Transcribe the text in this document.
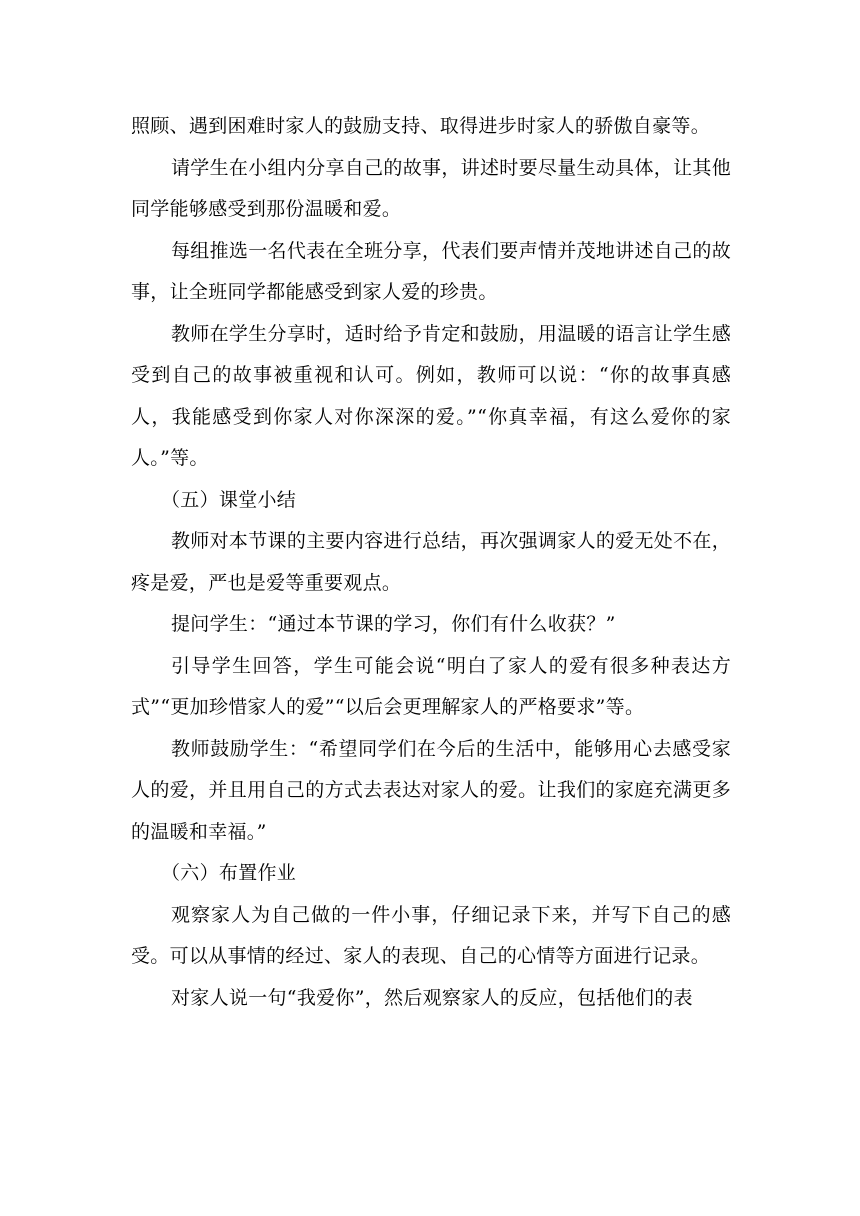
照顾、遇到困难时家人的鼓励支持、取得进步时家人的骄傲自豪等。

请学生在小组内分享自己的故事，讲述时要尽量生动具体，让其他同学能够感受到那份温暖和爱。

每组推选一名代表在全班分享，代表们要声情并茂地讲述自己的故事，让全班同学都能感受到家人爱的珍贵。

教师在学生分享时，适时给予肯定和鼓励，用温暖的语言让学生感受到自己的故事被重视和认可。例如，教师可以说：“你的故事真感人，我能感受到你家人对你深深的爱。”“你真幸福，有这么爱你的家人。”等。

（五）课堂小结

教师对本节课的主要内容进行总结，再次强调家人的爱无处不在，疼是爱，严也是爱等重要观点。

提问学生：“通过本节课的学习，你们有什么收获？”

引导学生回答，学生可能会说“明白了家人的爱有很多种表达方式”“更加珍惜家人的爱”“以后会更理解家人的严格要求”等。

教师鼓励学生：“希望同学们在今后的生活中，能够用心去感受家人的爱，并且用自己的方式去表达对家人的爱。让我们的家庭充满更多的温暖和幸福。”

（六）布置作业

观察家人为自己做的一件小事，仔细记录下来，并写下自己的感受。可以从事情的经过、家人的表现、自己的心情等方面进行记录。

对家人说一句“我爱你”，然后观察家人的反应，包括他们的表
